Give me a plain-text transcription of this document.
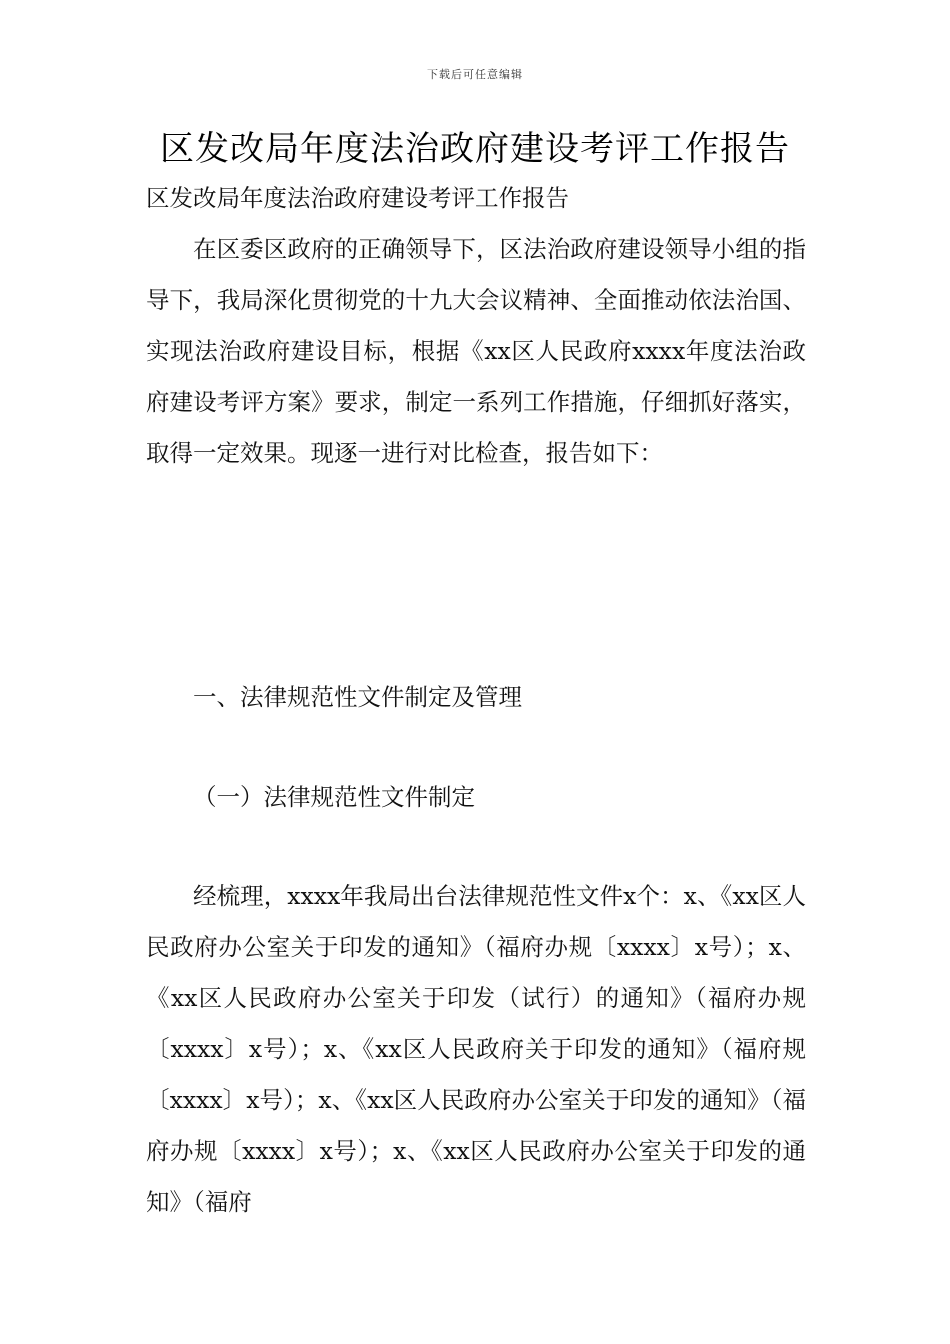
下载后可任意编辑
区发改局年度法治政府建设考评工作报告

区发改局年度法治政府建设考评工作报告

在区委区政府的正确领导下，区法治政府建设领导小组的指导下，我局深化贯彻党的十九大会议精神、全面推动依法治国、实现法治政府建设目标，根据《xx区人民政府xxxx年度法治政府建设考评方案》要求，制定一系列工作措施，仔细抓好落实，取得一定效果。现逐一进行对比检查，报告如下：

一、法律规范性文件制定及管理

（一）法律规范性文件制定

经梳理，xxxx年我局出台法律规范性文件x个：x、《xx区人民政府办公室关于印发的通知》（福府办规〔xxxx〕x号）；x、《xx区人民政府办公室关于印发（试行）的通知》（福府办规〔xxxx〕x号）；x、《xx区人民政府关于印发的通知》（福府规〔xxxx〕x号）；x、《xx区人民政府办公室关于印发的通知》（福府办规〔xxxx〕x号）；x、《xx区人民政府办公室关于印发的通知》（福府
